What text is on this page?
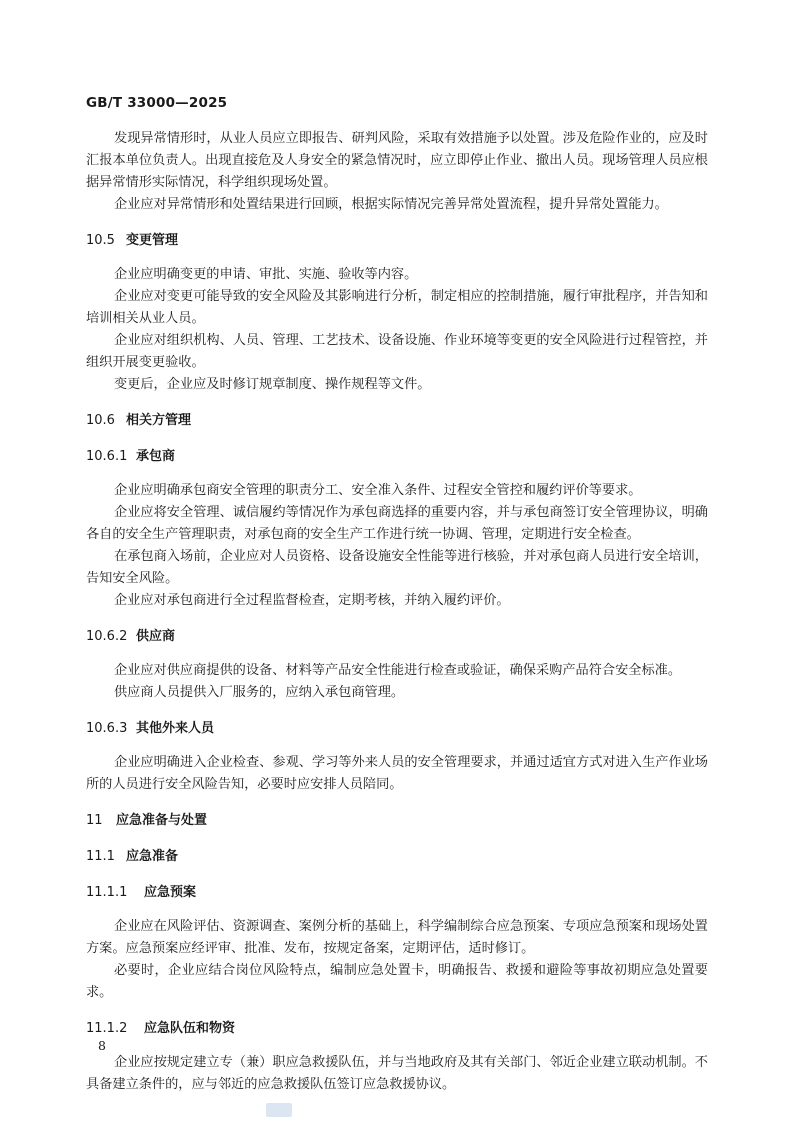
GB/T 33000—2025

发现异常情形时，从业人员应立即报告、研判风险，采取有效措施予以处置。涉及危险作业的，应及时汇报本单位负责人。出现直接危及人身安全的紧急情况时，应立即停止作业、撤出人员。现场管理人员应根据异常情形实际情况，科学组织现场处置。

企业应对异常情形和处置结果进行回顾，根据实际情况完善异常处置流程，提升异常处置能力。

10.5 变更管理

企业应明确变更的申请、审批、实施、验收等内容。

企业应对变更可能导致的安全风险及其影响进行分析，制定相应的控制措施，履行审批程序，并告知和培训相关从业人员。

企业应对组织机构、人员、管理、工艺技术、设备设施、作业环境等变更的安全风险进行过程管控，并组织开展变更验收。

变更后，企业应及时修订规章制度、操作规程等文件。

10.6 相关方管理
10.6.1 承包商

企业应明确承包商安全管理的职责分工、安全准入条件、过程安全管控和履约评价等要求。

企业应将安全管理、诚信履约等情况作为承包商选择的重要内容，并与承包商签订安全管理协议，明确各自的安全生产管理职责，对承包商的安全生产工作进行统一协调、管理，定期进行安全检查。

在承包商入场前，企业应对人员资格、设备设施安全性能等进行核验，并对承包商人员进行安全培训，告知安全风险。

企业应对承包商进行全过程监督检查，定期考核，并纳入履约评价。

10.6.2 供应商

企业应对供应商提供的设备、材料等产品安全性能进行检查或验证，确保采购产品符合安全标准。

供应商人员提供入厂服务的，应纳入承包商管理。

10.6.3 其他外来人员

企业应明确进入企业检查、参观、学习等外来人员的安全管理要求，并通过适宜方式对进入生产作业场所的人员进行安全风险告知，必要时应安排人员陪同。

11 应急准备与处置
11.1 应急准备
11.1.1 应急预案

企业应在风险评估、资源调查、案例分析的基础上，科学编制综合应急预案、专项应急预案和现场处置方案。应急预案应经评审、批准、发布，按规定备案，定期评估，适时修订。

必要时，企业应结合岗位风险特点，编制应急处置卡，明确报告、救援和避险等事故初期应急处置要求。

11.1.2 应急队伍和物资

企业应按规定建立专（兼）职应急救援队伍，并与当地政府及其有关部门、邻近企业建立联动机制。不具备建立条件的，应与邻近的应急救援队伍签订应急救援协议。

8
